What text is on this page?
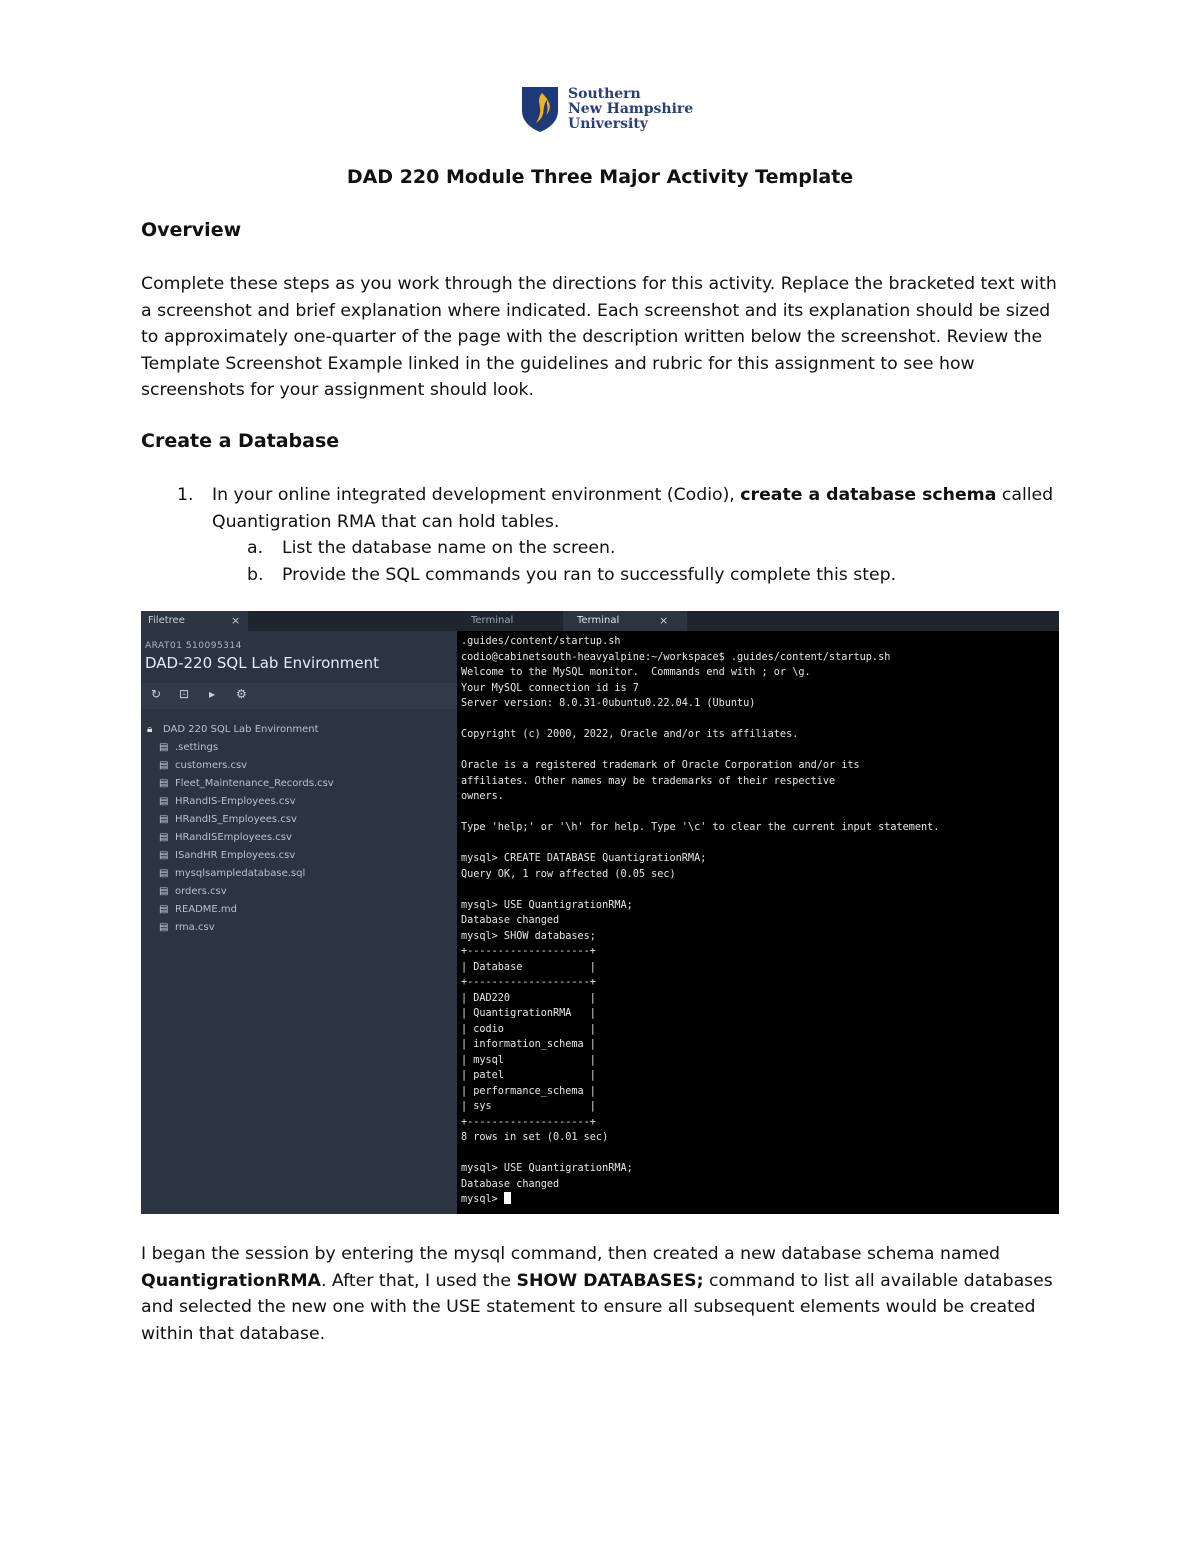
Southern
New Hampshire
University
DAD 220 Module Three Major Activity Template
Overview
Complete these steps as you work through the directions for this activity. Replace the bracketed text with a screenshot and brief explanation where indicated. Each screenshot and its explanation should be sized to approximately one-quarter of the page with the description written below the screenshot. Review the Template Screenshot Example linked in the guidelines and rubric for this assignment to see how screenshots for your assignment should look.
Create a Database
1. In your online integrated development environment (Codio), create a database schema called Quantigration RMA that can hold tables.
a. List the database name on the screen.
b. Provide the SQL commands you ran to successfully complete this step.
Filetree	×
ARAT01 510095314
DAD-220 SQL Lab Environment
↻ ⊡ ▸ ⚙
🔒︎ DAD 220 SQL Lab Environment
▤ .settings
▤ customers.csv
▤ Fleet_Maintenance_Records.csv
▤ HRandIS-Employees.csv
▤ HRandIS_Employees.csv
▤ HRandISEmployees.csv
▤ ISandHR Employees.csv
▤ mysqlsampledatabase.sql
▤ orders.csv
▤ README.md
▤ rma.csv
Terminal	Terminal	×
.guides/content/startup.sh
codio@cabinetsouth-heavyalpine:~/workspace$ .guides/content/startup.sh
Welcome to the MySQL monitor.  Commands end with ; or \g.
Your MySQL connection id is 7
Server version: 8.0.31-0ubuntu0.22.04.1 (Ubuntu)

Copyright (c) 2000, 2022, Oracle and/or its affiliates.

Oracle is a registered trademark of Oracle Corporation and/or its
affiliates. Other names may be trademarks of their respective
owners.

Type 'help;' or '\h' for help. Type '\c' to clear the current input statement.

mysql> CREATE DATABASE QuantigrationRMA;
Query OK, 1 row affected (0.05 sec)

mysql> USE QuantigrationRMA;
Database changed
mysql> SHOW databases;
+--------------------+
| Database           |
+--------------------+
| DAD220             |
| QuantigrationRMA   |
| codio              |
| information_schema |
| mysql              |
| patel              |
| performance_schema |
| sys                |
+--------------------+
8 rows in set (0.01 sec)

mysql> USE QuantigrationRMA;
Database changed
mysql>
I began the session by entering the mysql command, then created a new database schema named QuantigrationRMA. After that, I used the SHOW DATABASES; command to list all available databases and selected the new one with the USE statement to ensure all subsequent elements would be created within that database.
